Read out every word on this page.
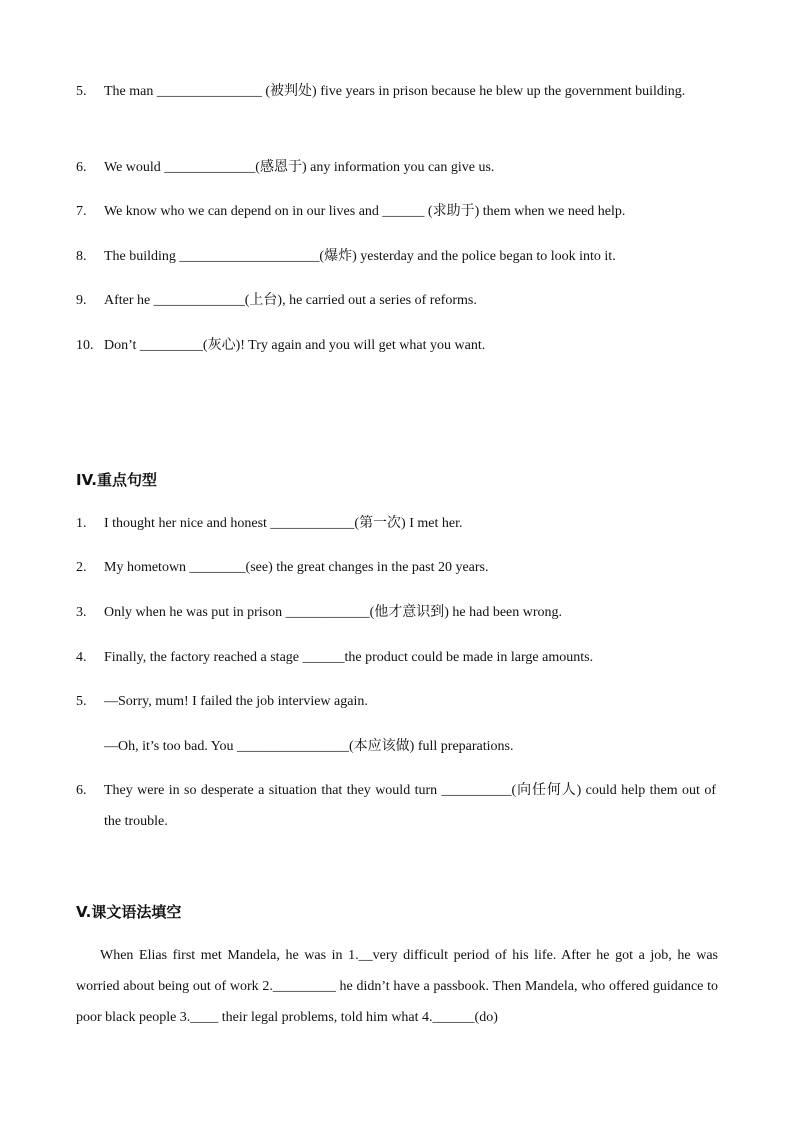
5. The man _______________ (被判处) five years in prison because he blew up the government building.
6. We would _____________(感恩于) any information you can give us.
7. We know who we can depend on in our lives and ______ (求助于) them when we need help.
8. The building ____________________(爆炸) yesterday and the police began to look into it.
9. After he _____________(上台), he carried out a series of reforms.
10. Don’t _________(灰心)! Try again and you will get what you want.
IV.重点句型
1. I thought her nice and honest ____________(第一次) I met her.
2. My hometown ________(see) the great changes in the past 20 years.
3. Only when he was put in prison ____________(他才意识到) he had been wrong.
4. Finally, the factory reached a stage ______the product could be made in large amounts.
5. —Sorry, mum! I failed the job interview again.
—Oh, it’s too bad. You ________________(本应该做) full preparations.
6. They were in so desperate a situation that they would turn __________(向任何人) could help them out of the trouble.
V.课文语法填空
When Elias first met Mandela, he was in 1.__very difficult period of his life. After he got a job, he was worried about being out of work 2._________ he didn’t have a passbook. Then Mandela, who offered guidance to poor black people 3.____ their legal problems, told him what 4.______(do)
